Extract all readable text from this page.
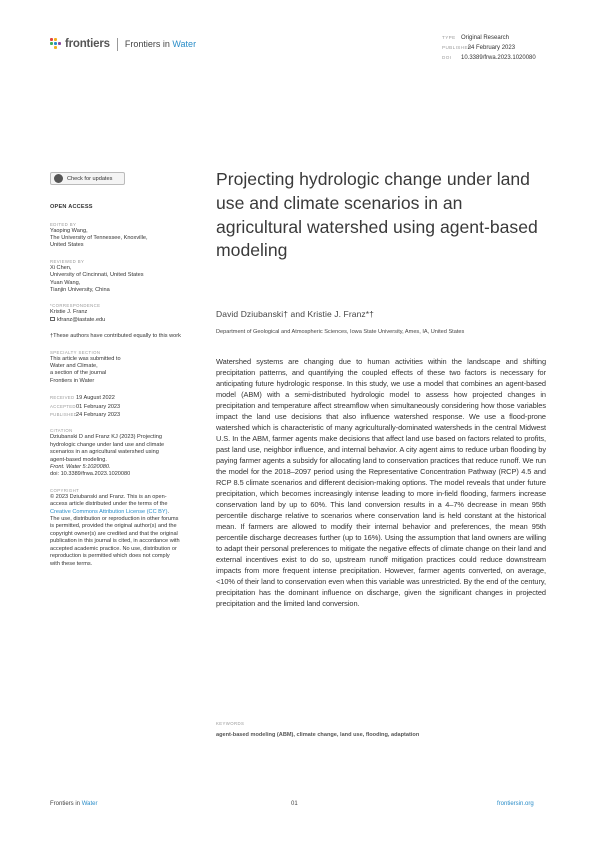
frontiers Frontiers in Water
TYPE Original Research
PUBLISHED    24 February 2023
DOI 10.3389/frwa.2023.1020080
Check for updates
OPEN ACCESS
EDITED BY
Yaoping Wang,
The University of Tennessee, Knoxville,
United States
REVIEWED BY
Xi Chen,
University of Cincinnati, United States
Yuan Wang,
Tianjin University, China
*CORRESPONDENCE
Kristie J. Franz
kfranz@iastate.edu
†These authors have contributed equally to this work
SPECIALTY SECTION
This article was submitted to
Water and Climate,
a section of the journal
Frontiers in Water
RECEIVED 19 August 2022
ACCEPTED01 February 2023
PUBLISHED24 February 2023
CITATION
Dziubanski D and Franz KJ (2023) Projecting
hydrologic change under land use and climate
scenarios in an agricultural watershed using
agent-based modeling.
Front. Water 5:1020080.
doi: 10.3389/frwa.2023.1020080
COPYRIGHT
© 2023 Dziubanski and Franz. This is an open-access article distributed under the terms of the Creative Commons Attribution License (CC BY). The use, distribution or reproduction in other forums is permitted, provided the original author(s) and the copyright owner(s) are credited and that the original publication in this journal is cited, in accordance with accepted academic practice. No use, distribution or reproduction is permitted which does not comply with these terms.
Projecting hydrologic change under land use and climate scenarios in an agricultural watershed using agent-based modeling
David Dziubanski† and Kristie J. Franz*†
Department of Geological and Atmospheric Sciences, Iowa State University, Ames, IA, United States
Watershed systems are changing due to human activities within the landscape and shifting precipitation patterns, and quantifying the coupled effects of these two factors is necessary for anticipating future hydrologic response. In this study, we use a model that combines an agent-based model (ABM) with a semi-distributed hydrologic model to assess how projected changes in precipitation and temperature affect streamflow when simultaneously considering how those variables impact the land use decisions that also influence watershed response. We use a flood-prone watershed which is characteristic of many agriculturally-dominated watersheds in the central Midwest U.S. In the ABM, farmer agents make decisions that affect land use based on factors related to profits, past land use, neighbor influence, and internal behavior. A city agent aims to reduce urban flooding by paying farmer agents a subsidy for allocating land to conservation practices that reduce runoff. We run the model for the 2018–2097 period using the Representative Concentration Pathway (RCP) 4.5 and RCP 8.5 climate scenarios and different decision-making options. The model reveals that under future precipitation, which becomes increasingly intense leading to more in-field flooding, farmers increase conservation land by up to 60%. This land conversion results in a 4–7% decrease in mean 95th percentile discharge relative to scenarios where conservation land is held constant at the historical mean. If farmers are allowed to modify their internal behavior and preferences, the mean 95th percentile discharge decreases further (up to 16%). Using the assumption that land owners are willing to adapt their personal preferences to mitigate the negative effects of climate change on their land and external incentives exist to do so, upstream runoff mitigation practices could reduce downstream impacts from more frequent intense precipitation. However, farmer agents converted, on average, <10% of their land to conservation even when this variable was unrestricted. By the end of the century, precipitation has the dominant influence on discharge, given the significant changes in projected precipitation and the limited land conversion.
KEYWORDS
agent-based modeling (ABM), climate change, land use, flooding, adaptation
Frontiers in Water	01	frontiersin.org
